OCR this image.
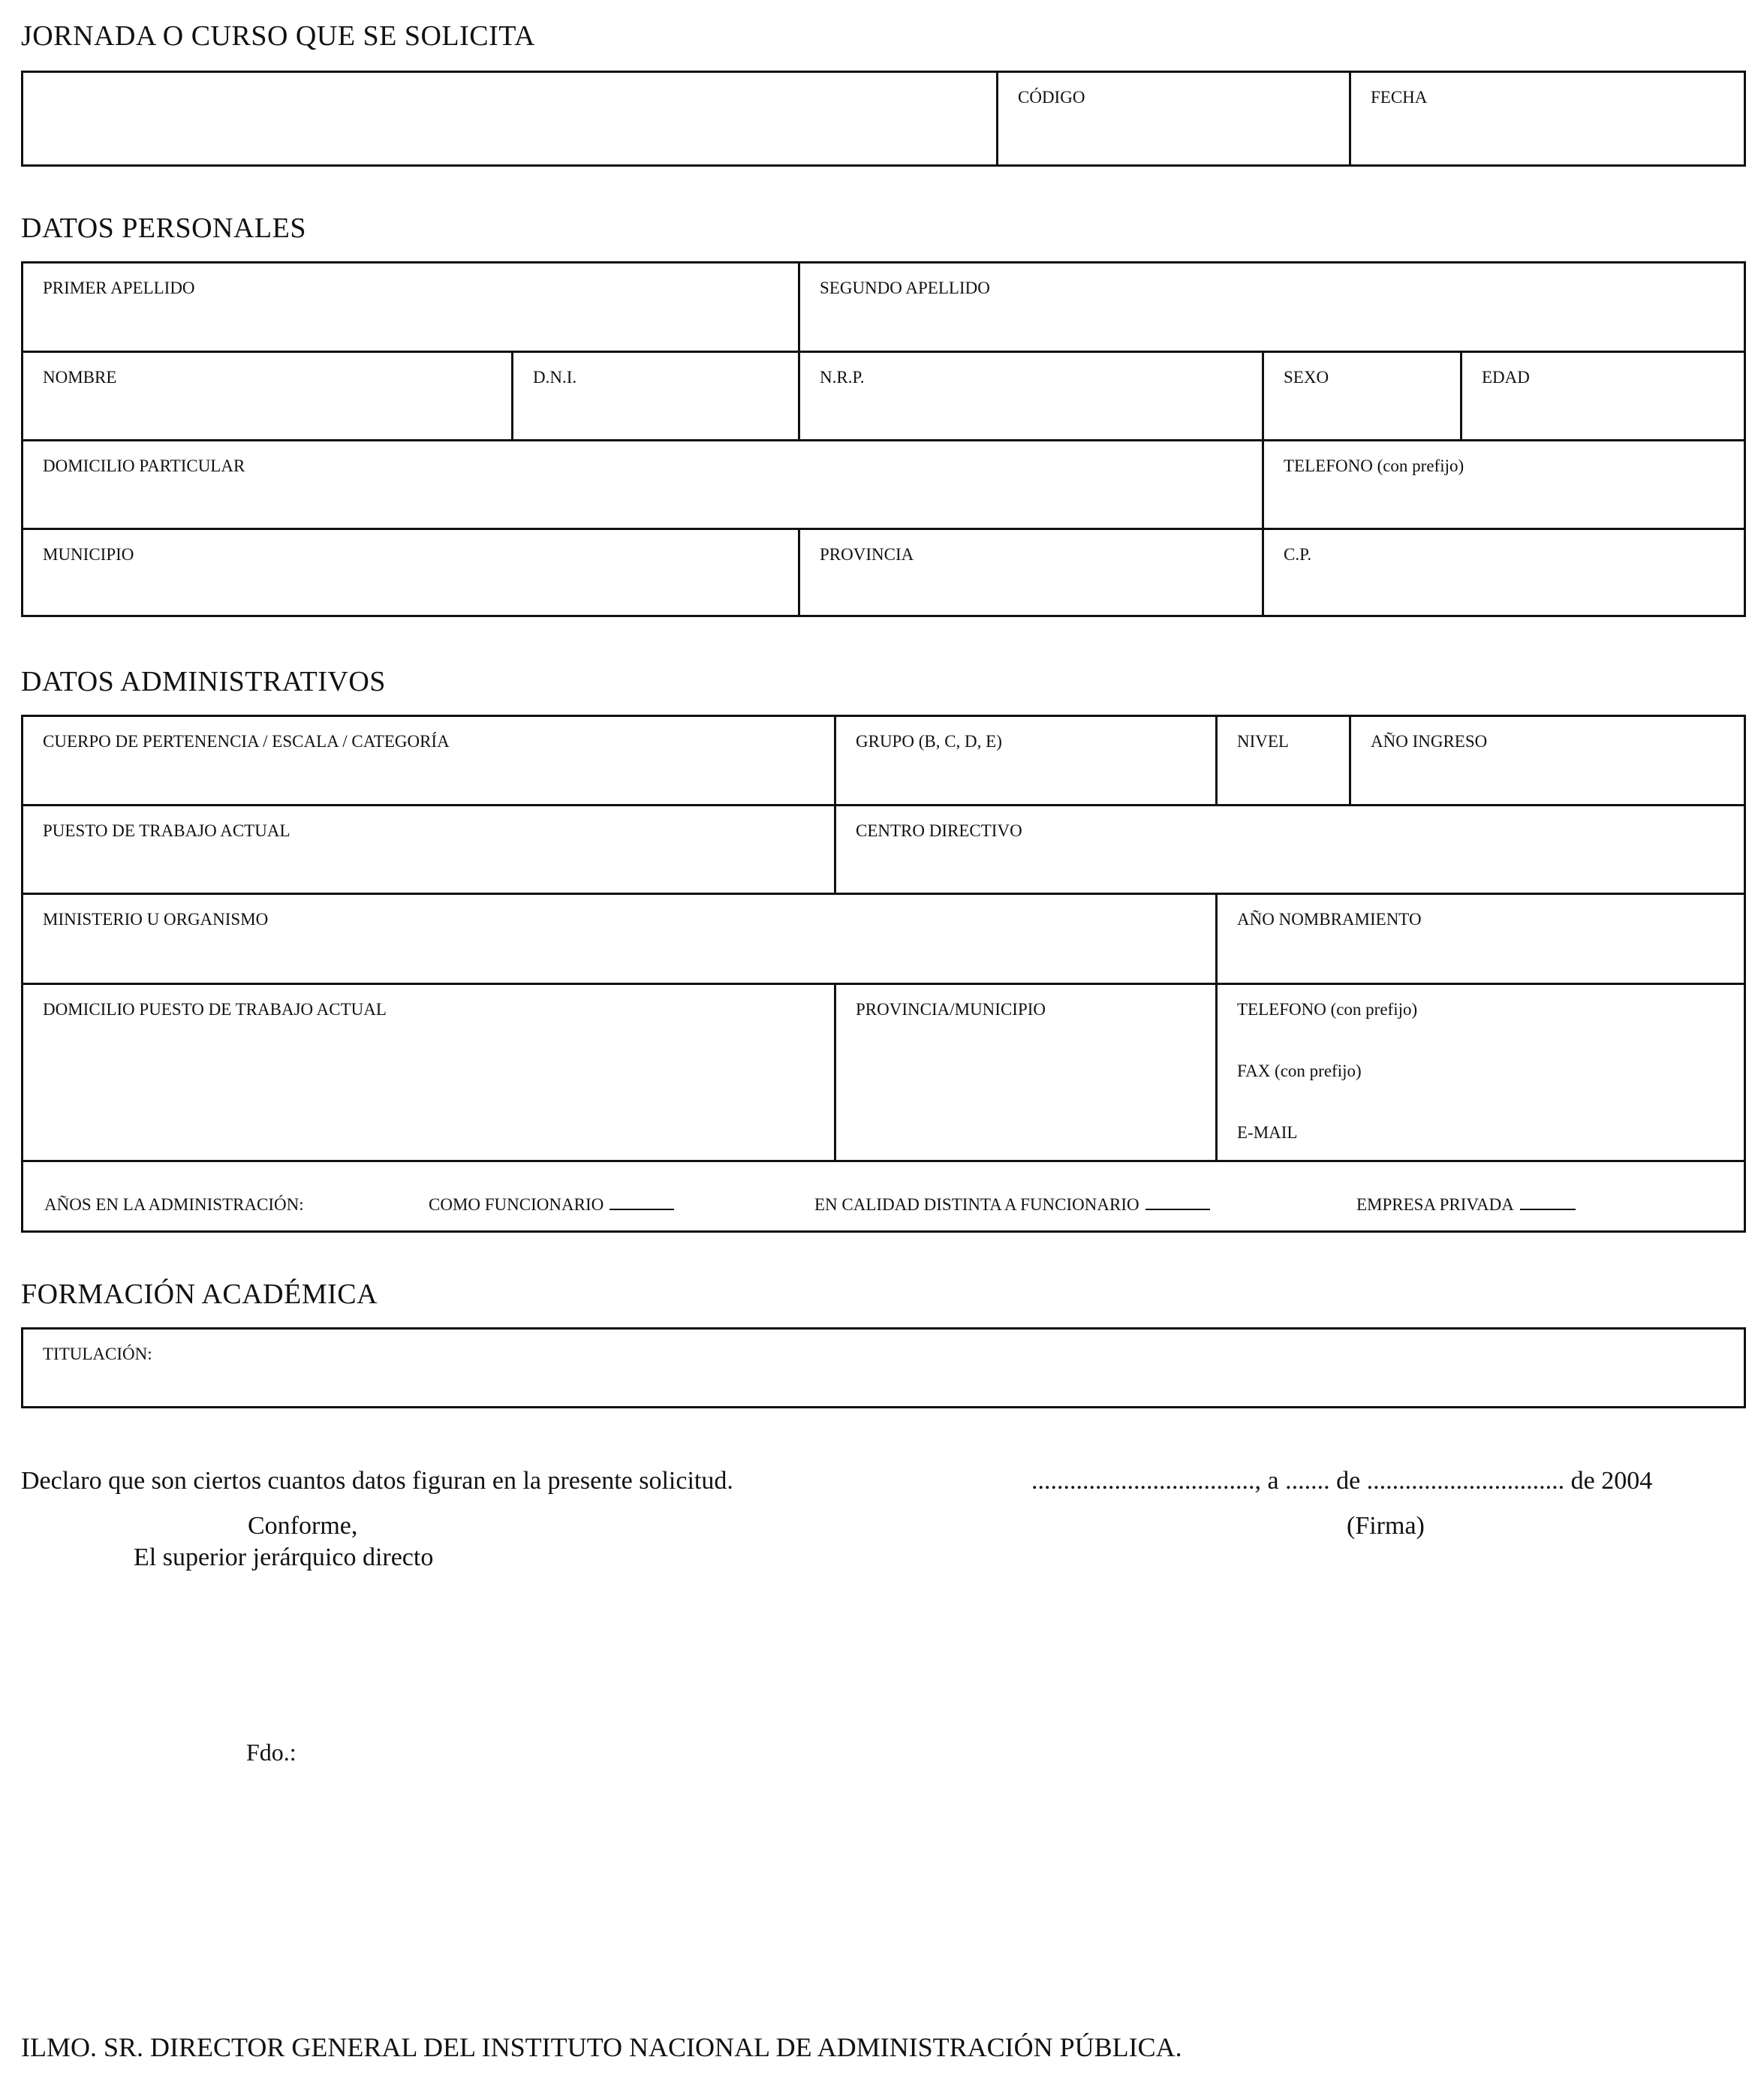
JORNADA O CURSO QUE SE SOLICITA
CÓDIGO	FECHA
DATOS PERSONALES
PRIMER APELLIDO	SEGUNDO APELLIDO
NOMBRE	D.N.I.	N.R.P.	SEXO	EDAD
DOMICILIO PARTICULAR	TELEFONO (con prefijo)
MUNICIPIO	PROVINCIA	C.P.
DATOS ADMINISTRATIVOS
CUERPO DE PERTENENCIA / ESCALA / CATEGORÍA	GRUPO (B, C, D, E)	NIVEL	AÑO INGRESO
PUESTO DE TRABAJO ACTUAL	CENTRO DIRECTIVO
MINISTERIO U ORGANISMO	AÑO NOMBRAMIENTO
DOMICILIO PUESTO DE TRABAJO ACTUAL	PROVINCIA/MUNICIPIO	TELEFONO (con prefijo)
FAX (con prefijo)
E-MAIL
AÑOS EN LA ADMINISTRACIÓN:	COMO FUNCIONARIO	EN CALIDAD DISTINTA A FUNCIONARIO	EMPRESA PRIVADA
FORMACIÓN ACADÉMICA
TITULACIÓN:
Declaro que son ciertos cuantos datos figuran en la presente solicitud.	..................................., a ....... de ............................... de 2004
Conforme,	(Firma)
El superior jerárquico directo
Fdo.:
ILMO. SR. DIRECTOR GENERAL DEL INSTITUTO NACIONAL DE ADMINISTRACIÓN PÚBLICA.
